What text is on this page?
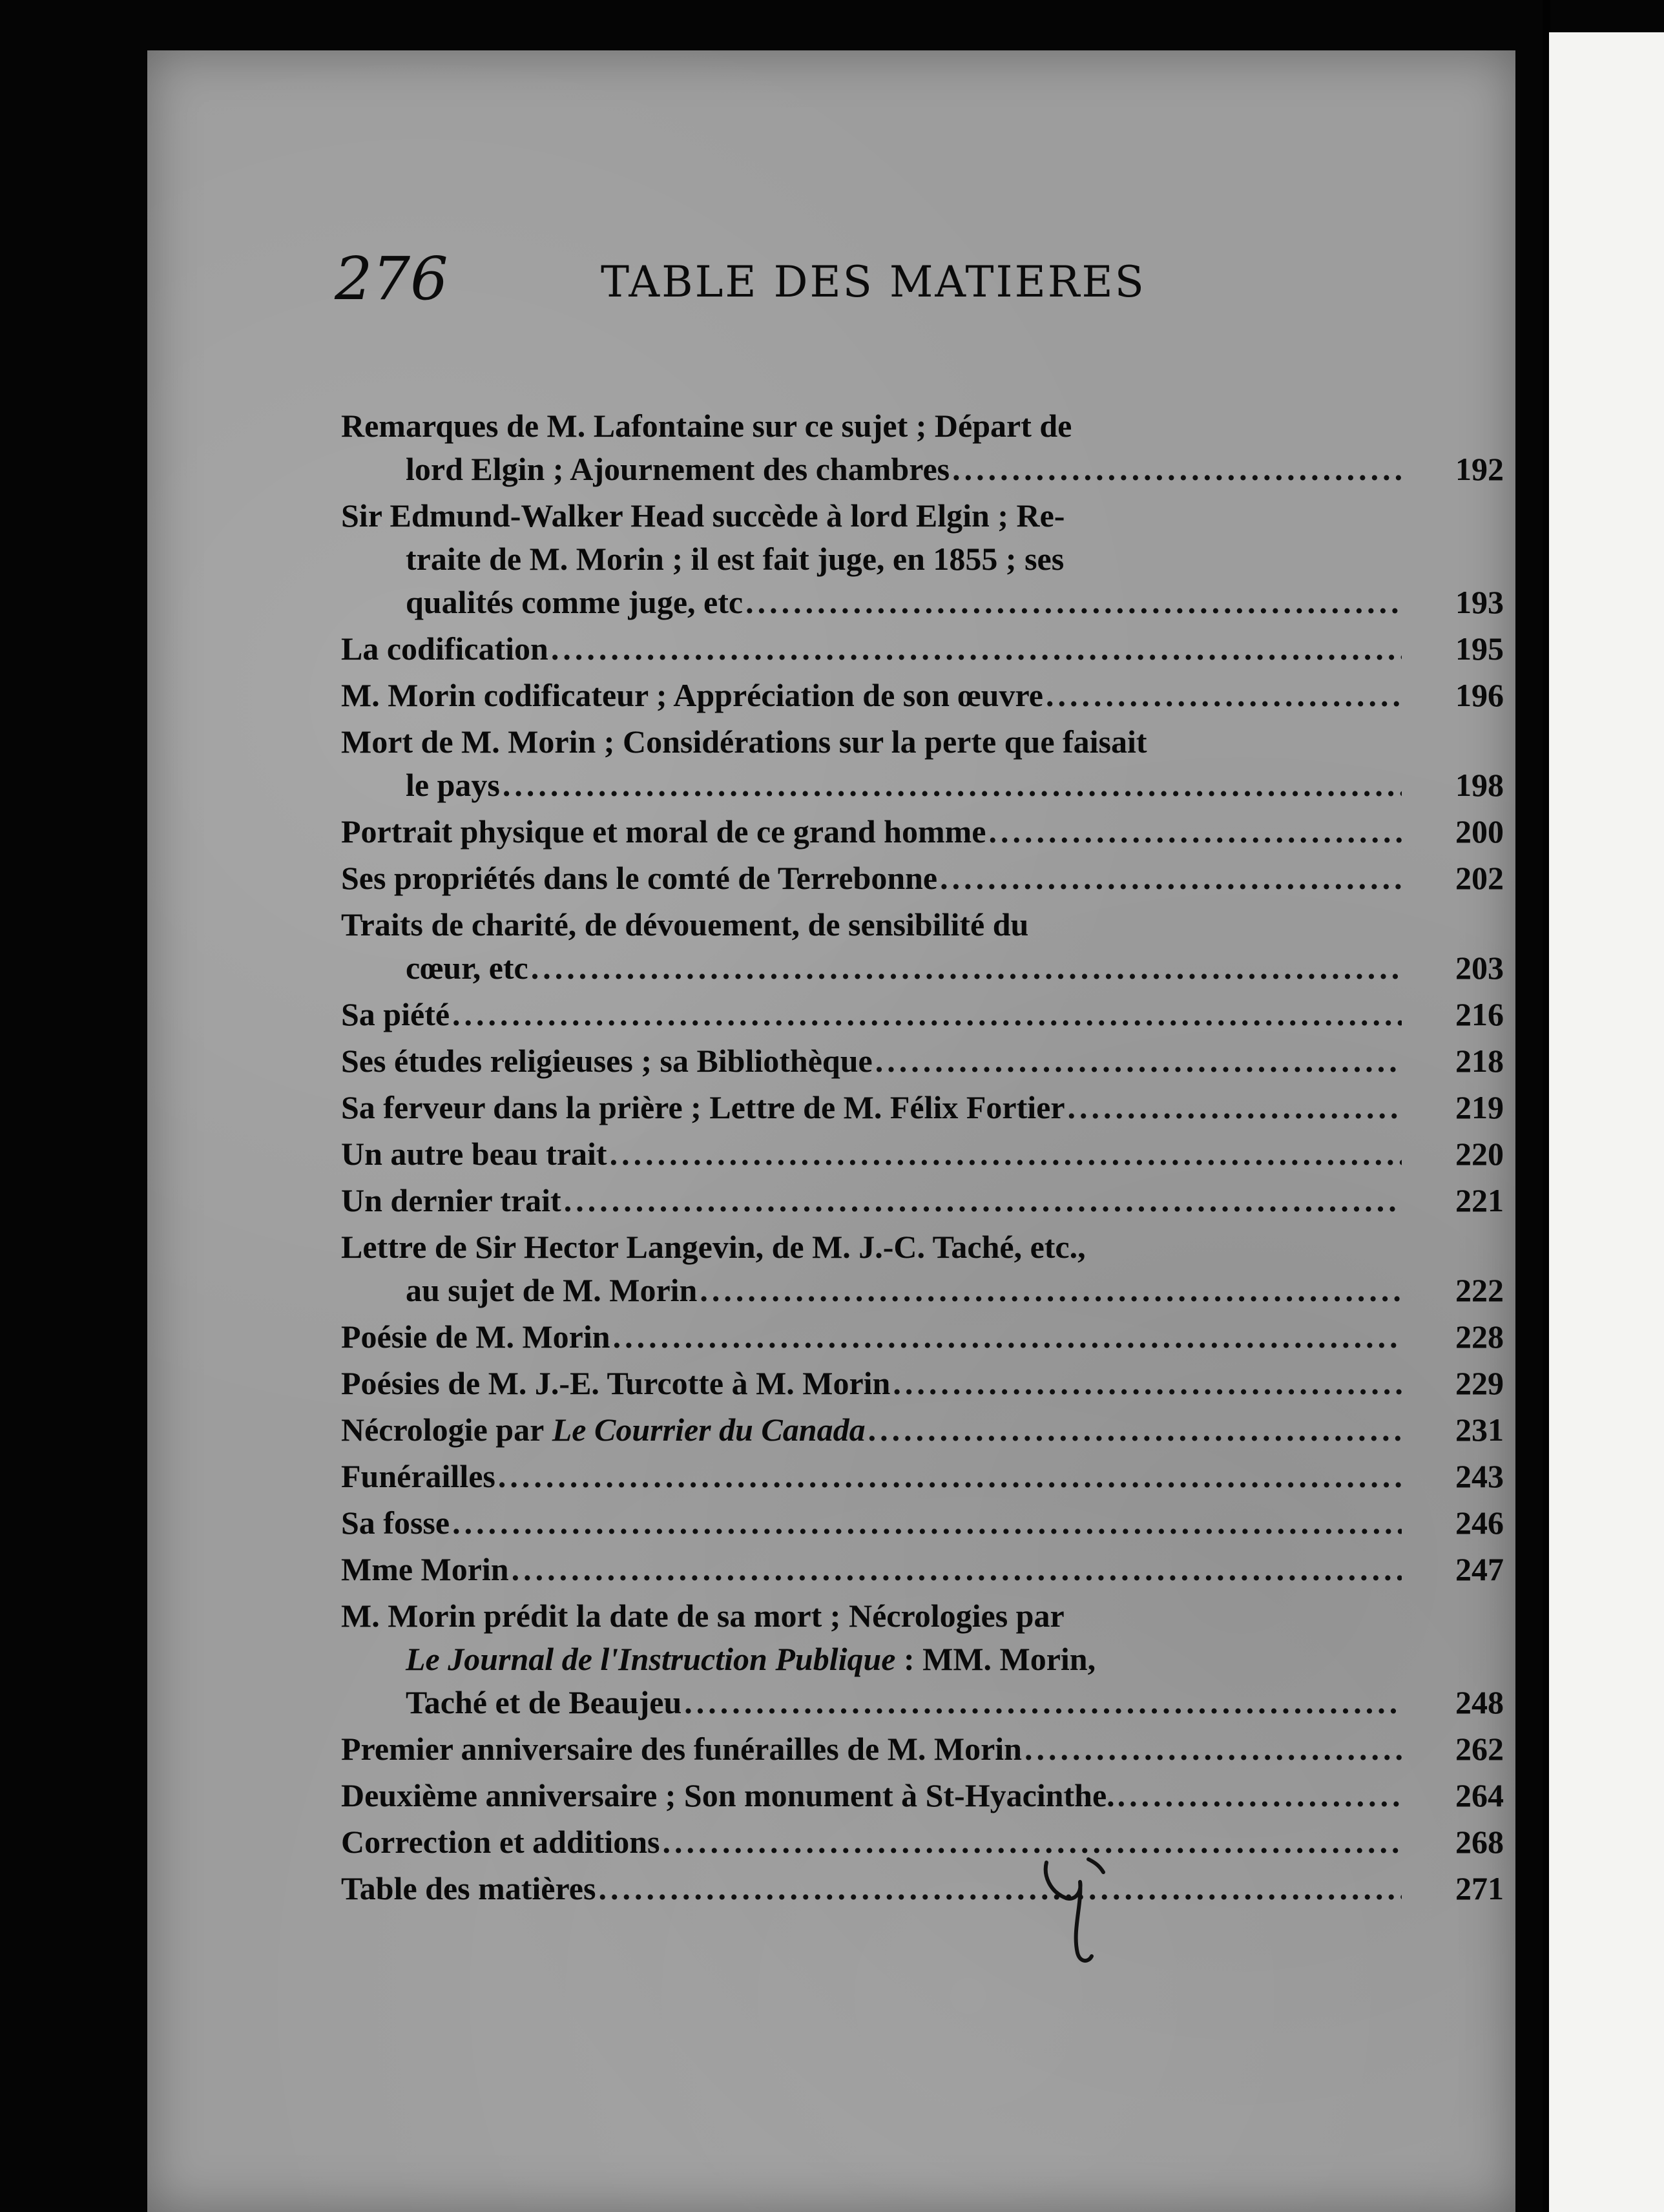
276	TABLE DES MATIERES
Remarques de M. Lafontaine sur ce sujet ; Départ de
lord Elgin ; Ajournement des chambres .....	192
Sir Edmund-Walker Head succède à lord Elgin ; Re-
traite de M. Morin ; il est fait juge, en 1855 ; ses
qualités comme juge, etc .....	193
La codification .....	195
M. Morin codificateur ; Appréciation de son œuvre .....	196
Mort de M. Morin ; Considérations sur la perte que faisait
le pays .....	198
Portrait physique et moral de ce grand homme .....	200
Ses propriétés dans le comté de Terrebonne .....	202
Traits de charité, de dévouement, de sensibilité du
cœur, etc .....	203
Sa piété .....	216
Ses études religieuses ; sa Bibliothèque .....	218
Sa ferveur dans la prière ; Lettre de M. Félix Fortier .....	219
Un autre beau trait .....	220
Un dernier trait .....	221
Lettre de Sir Hector Langevin, de M. J.-C. Taché, etc.,
au sujet de M. Morin .....	222
Poésie de M. Morin .....	228
Poésies de M. J.-E. Turcotte à M. Morin .....	229
Nécrologie par
Le Courrier du Canada .....	231
Funérailles .....	243
Sa fosse .....	246
Mme Morin .....	247
M. Morin prédit la date de sa mort ; Nécrologies par
Le Journal de l'Instruction Publique
: MM. Morin,
Taché et de Beaujeu .....	248
Premier anniversaire des funérailles de M. Morin .....	262
Deuxième anniversaire ; Son monument à St-Hyacinthe. .....	264
Correction et additions .....	268
Table des matières .....	271
